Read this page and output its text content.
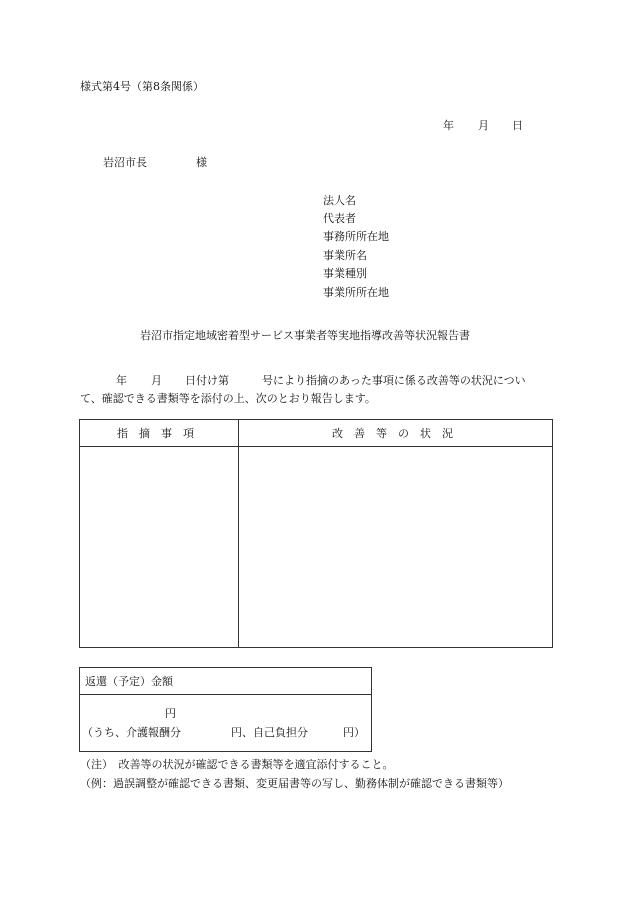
様式第4号（第8条関係）
年 月 日
岩沼市長	様
法人名
代表者
事務所所在地
事業所名
事業種別
事業所所在地
岩沼市指定地域密着型サービス事業者等実地指導改善等状況報告書
年 月 日付け第	号により指摘のあった事項に係る改善等の状況につい
て、確認できる書類等を添付の上、次のとおり報告します。
指　摘　事　項	改　善　等　の　状　況
返還（予定）金額
円
（うち、介護報酬分	円、自己負担分	円）
（注）　改善等の状況が確認できる書類等を適宜添付すること。
（例：過誤調整が確認できる書類、変更届書等の写し、勤務体制が確認できる書類等）
